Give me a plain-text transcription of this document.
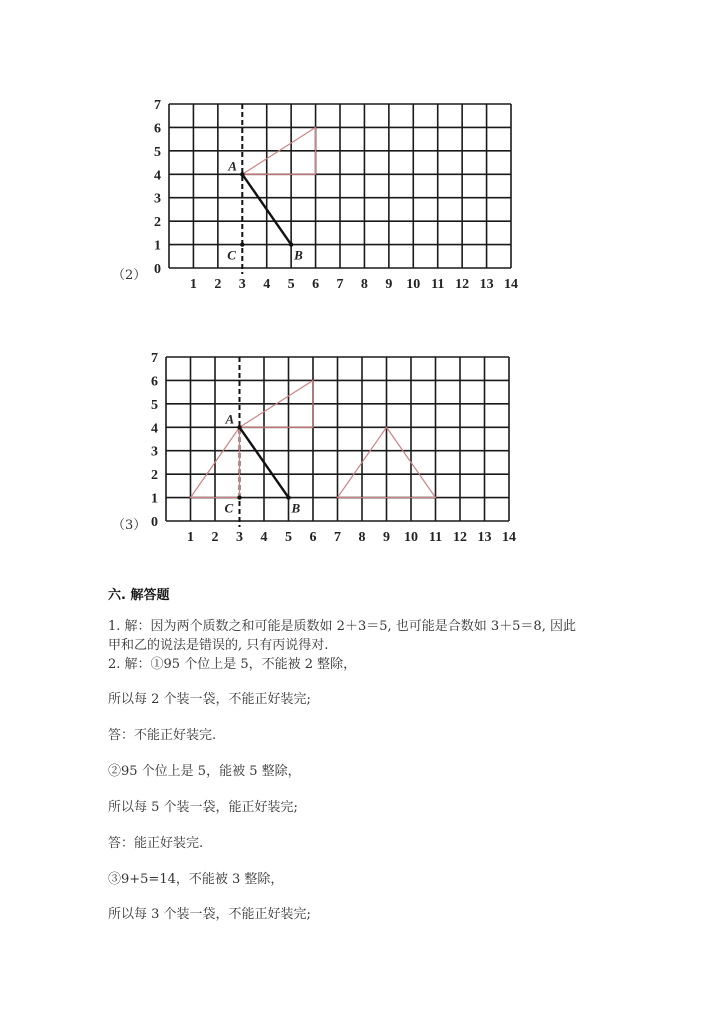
（2）
A
B
C
0
1
2
3
4
5
6
7
1 2 3 4 5 6 7 8 9 10 11 12 13 14
（3）
A
B
C
0
1
2
3
4
5
6
7
1 2 3 4 5 6 7 8 9 10 11 12 13 14
六. 解答题
1. 解：因为两个质数之和可能是质数如 2＋3＝5, 也可能是合数如 3＋5＝8, 因此
甲和乙的说法是错误的, 只有丙说得对.
2. 解：①95 个位上是 5，不能被 2 整除，
所以每 2 个装一袋，不能正好装完;
答：不能正好装完.
②95 个位上是 5，能被 5 整除，
所以每 5 个装一袋，能正好装完;
答：能正好装完.
③9+5=14，不能被 3 整除，
所以每 3 个装一袋，不能正好装完;
